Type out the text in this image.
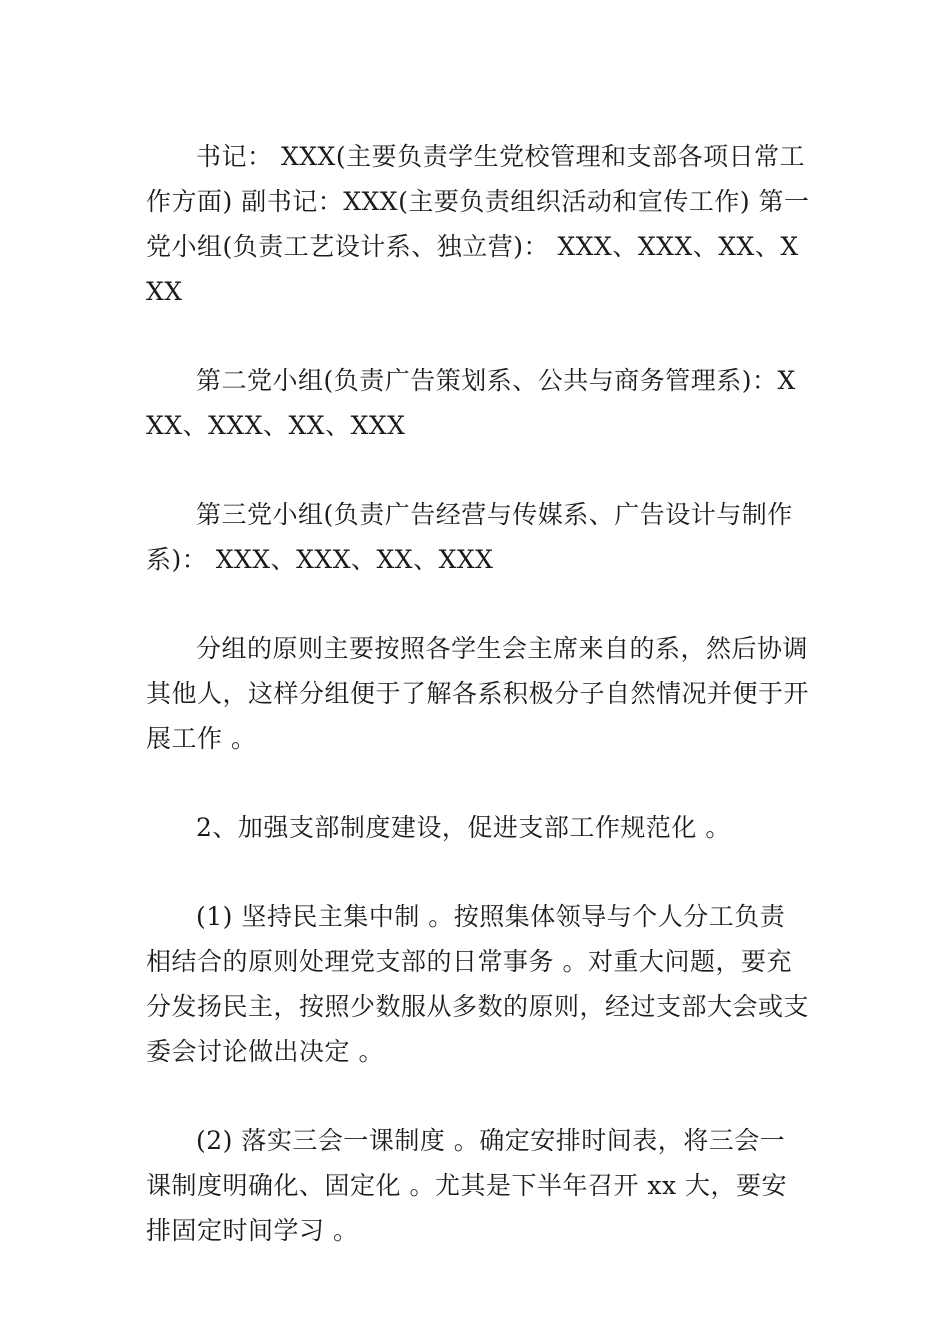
书记： XXX(主要负责学生党校管理和支部各项日常工作方面) 副书记：XXX(主要负责组织活动和宣传工作) 第一党小组(负责工艺设计系、独立营)： XXX、XXX、XX、XXX

第二党小组(负责广告策划系、公共与商务管理系)：XXX、XXX、XX、XXX

第三党小组(负责广告经营与传媒系、广告设计与制作系)： XXX、XXX、XX、XXX

分组的原则主要按照各学生会主席来自的系，然后协调其他人，这样分组便于了解各系积极分子自然情况并便于开展工作 。

2、加强支部制度建设，促进支部工作规范化 。

(1) 坚持民主集中制 。按照集体领导与个人分工负责相结合的原则处理党支部的日常事务 。对重大问题，要充分发扬民主，按照少数服从多数的原则，经过支部大会或支委会讨论做出决定 。

(2) 落实三会一课制度 。确定安排时间表，将三会一课制度明确化、固定化 。尤其是下半年召开 xx 大，要安排固定时间学习 。
